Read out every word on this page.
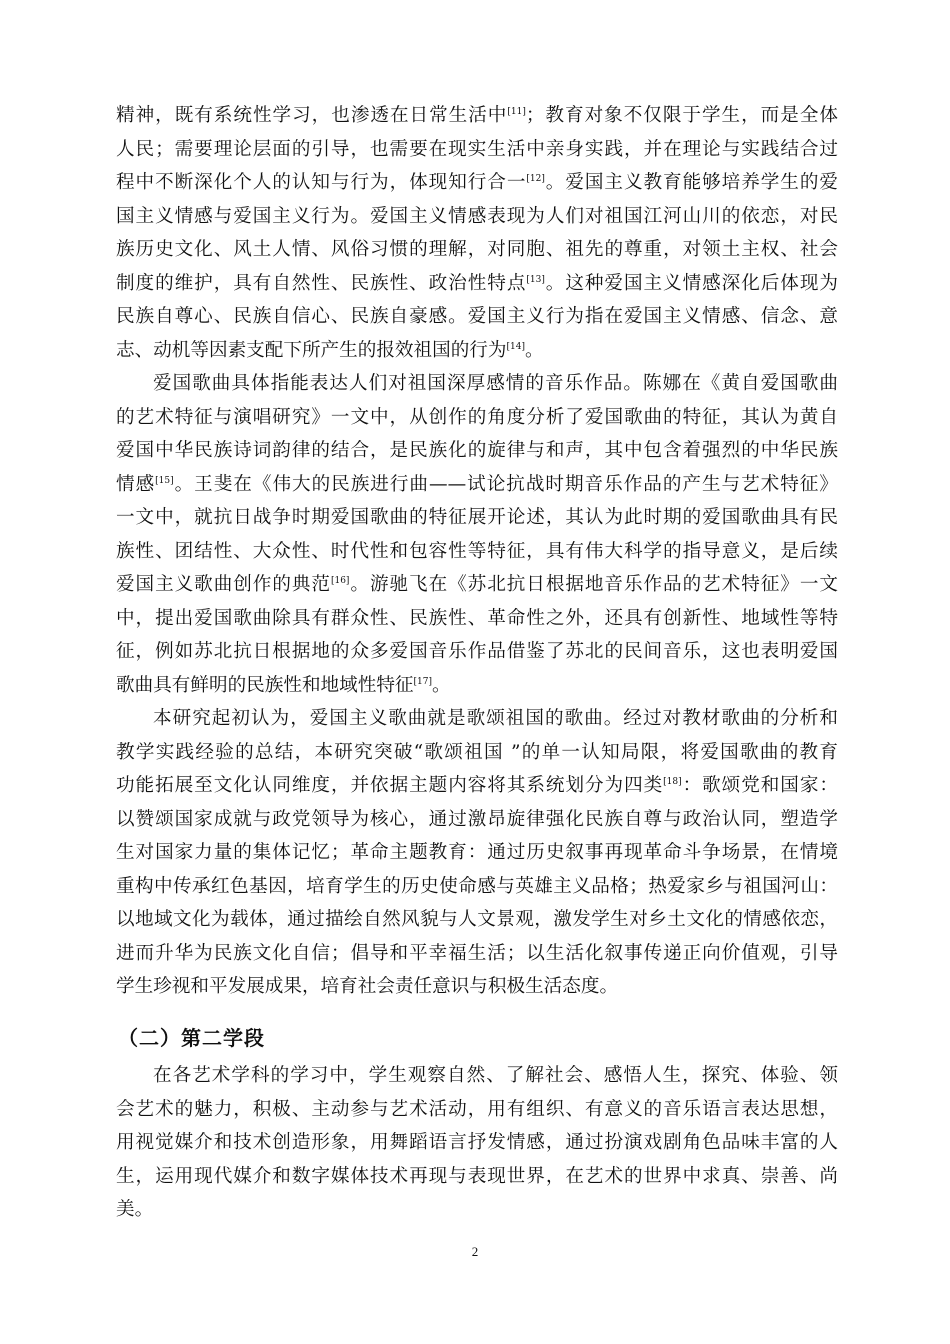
精神，既有系统性学习，也渗透在日常生活中[11]；教育对象不仅限于学生，而是全体
人民；需要理论层面的引导，也需要在现实生活中亲身实践，并在理论与实践结合过
程中不断深化个人的认知与行为，体现知行合一[12]。爱国主义教育能够培养学生的爱
国主义情感与爱国主义行为。爱国主义情感表现为人们对祖国江河山川的依恋，对民
族历史文化、风土人情、风俗习惯的理解，对同胞、祖先的尊重，对领土主权、社会
制度的维护，具有自然性、民族性、政治性特点[13]。这种爱国主义情感深化后体现为
民族自尊心、民族自信心、民族自豪感。爱国主义行为指在爱国主义情感、信念、意
志、动机等因素支配下所产生的报效祖国的行为[14]。
爱国歌曲具体指能表达人们对祖国深厚感情的音乐作品。陈娜在《黄自爱国歌曲
的艺术特征与演唱研究》一文中，从创作的角度分析了爱国歌曲的特征，其认为黄自
爱国中华民族诗词韵律的结合，是民族化的旋律与和声，其中包含着强烈的中华民族
情感[15]。王斐在《伟大的民族进行曲——试论抗战时期音乐作品的产生与艺术特征》
一文中，就抗日战争时期爱国歌曲的特征展开论述，其认为此时期的爱国歌曲具有民
族性、团结性、大众性、时代性和包容性等特征，具有伟大科学的指导意义，是后续
爱国主义歌曲创作的典范[16]。游驰飞在《苏北抗日根据地音乐作品的艺术特征》一文
中，提出爱国歌曲除具有群众性、民族性、革命性之外，还具有创新性、地域性等特
征，例如苏北抗日根据地的众多爱国音乐作品借鉴了苏北的民间音乐，这也表明爱国
歌曲具有鲜明的民族性和地域性特征[17]。
本研究起初认为，爱国主义歌曲就是歌颂祖国的歌曲。经过对教材歌曲的分析和
教学实践经验的总结，本研究突破“歌颂祖国 ”的单一认知局限，将爱国歌曲的教育
功能拓展至文化认同维度，并依据主题内容将其系统划分为四类[18]：歌颂党和国家：
以赞颂国家成就与政党领导为核心，通过激昂旋律强化民族自尊与政治认同，塑造学
生对国家力量的集体记忆；革命主题教育：通过历史叙事再现革命斗争场景，在情境
重构中传承红色基因，培育学生的历史使命感与英雄主义品格；热爱家乡与祖国河山：
以地域文化为载体，通过描绘自然风貌与人文景观，激发学生对乡土文化的情感依恋，
进而升华为民族文化自信；倡导和平幸福生活；以生活化叙事传递正向价值观，引导
学生珍视和平发展成果，培育社会责任意识与积极生活态度。
（二）第二学段
在各艺术学科的学习中，学生观察自然、了解社会、感悟人生，探究、体验、领
会艺术的魅力，积极、主动参与艺术活动，用有组织、有意义的音乐语言表达思想，
用视觉媒介和技术创造形象，用舞蹈语言抒发情感，通过扮演戏剧角色品味丰富的人
生，运用现代媒介和数字媒体技术再现与表现世界，在艺术的世界中求真、崇善、尚
美。
2
